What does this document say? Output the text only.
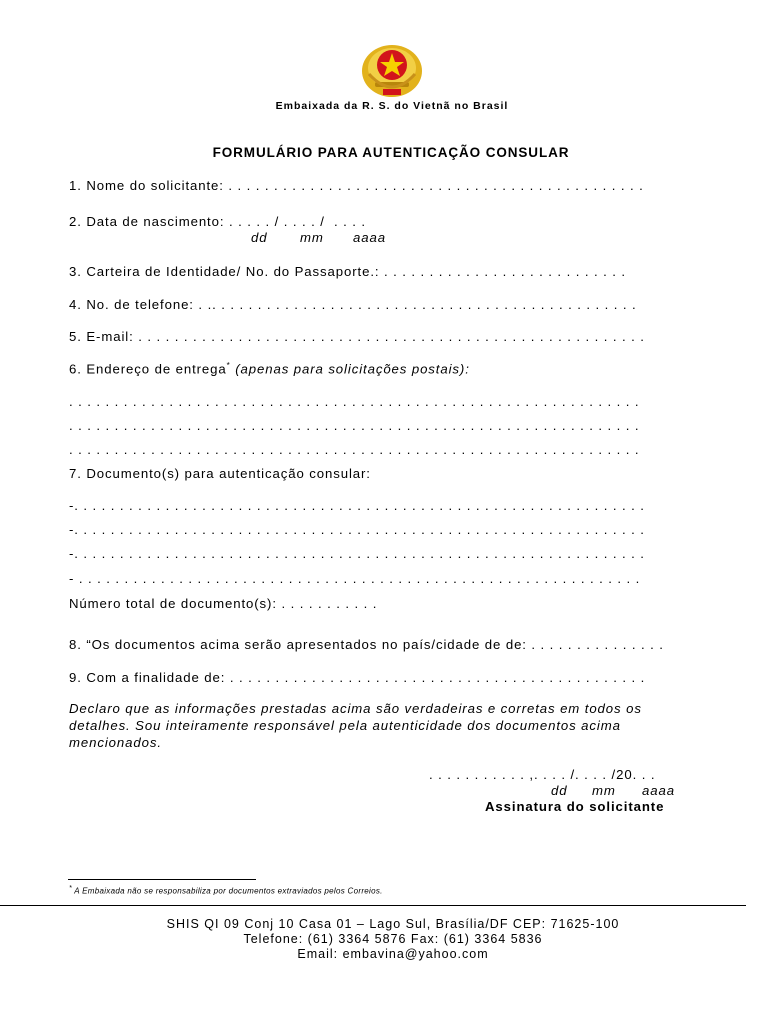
Embaixada da R. S. do Vietnã no Brasil
FORMULÁRIO PARA AUTENTICAÇÃO CONSULAR
1. Nome do solicitante: . . . . . . . . . . . . . . . . . . . . . . . . . . . . . . . . . . . . . . . . . . . . . .
2. Data de nascimento: . . . . . / . . . . /  . . . .
dd mm aaaa
3. Carteira de Identidade/ No. do Passaporte.: . . . . . . . . . . . . . . . . . . . . . . . . . . .
4. No. de telefone: . .. . . . . . . . . . . . . . . . . . . . . . . . . . . . . . . . . . . . . . . . . . . . . . .
5. E-mail: . . . . . . . . . . . . . . . . . . . . . . . . . . . . . . . . . . . . . . . . . . . . . . . . . . . . . . . .
6. Endereço de entrega* (apenas para solicitações postais):
. . . . . . . . . . . . . . . . . . . . . . . . . . . . . . . . . . . . . . . . . . . . . . . . . . . . . . . . . . . . . . .
. . . . . . . . . . . . . . . . . . . . . . . . . . . . . . . . . . . . . . . . . . . . . . . . . . . . . . . . . . . . . . .
. . . . . . . . . . . . . . . . . . . . . . . . . . . . . . . . . . . . . . . . . . . . . . . . . . . . . . . . . . . . . . .
7. Documento(s) para autenticação consular:
-. . . . . . . . . . . . . . . . . . . . . . . . . . . . . . . . . . . . . . . . . . . . . . . . . . . . . . . . . . . . . . .
-. . . . . . . . . . . . . . . . . . . . . . . . . . . . . . . . . . . . . . . . . . . . . . . . . . . . . . . . . . . . . . .
-. . . . . . . . . . . . . . . . . . . . . . . . . . . . . . . . . . . . . . . . . . . . . . . . . . . . . . . . . . . . . . .
- . . . . . . . . . . . . . . . . . . . . . . . . . . . . . . . . . . . . . . . . . . . . . . . . . . . . . . . . . . . . . .
Número total de documento(s): . . . . . . . . . . .
8. “Os documentos acima serão apresentados no país/cidade de de: . . . . . . . . . . . . . . .
9. Com a finalidade de: . . . . . . . . . . . . . . . . . . . . . . . . . . . . . . . . . . . . . . . . . . . . . .
Declaro que as informações prestadas acima são verdadeiras e corretas em todos os
detalhes. Sou inteiramente responsável pela autenticidade dos documentos acima
mencionados.
. . . . . . . . . . . ,. . . . /. . . . /20. . .
dd mm aaaa
Assinatura do solicitante
* A Embaixada não se responsabiliza por documentos extraviados pelos Correios.
SHIS QI 09 Conj 10 Casa 01 – Lago Sul, Brasília/DF CEP: 71625-100
Telefone: (61) 3364 5876 Fax: (61) 3364 5836
Email: embavina@yahoo.com
